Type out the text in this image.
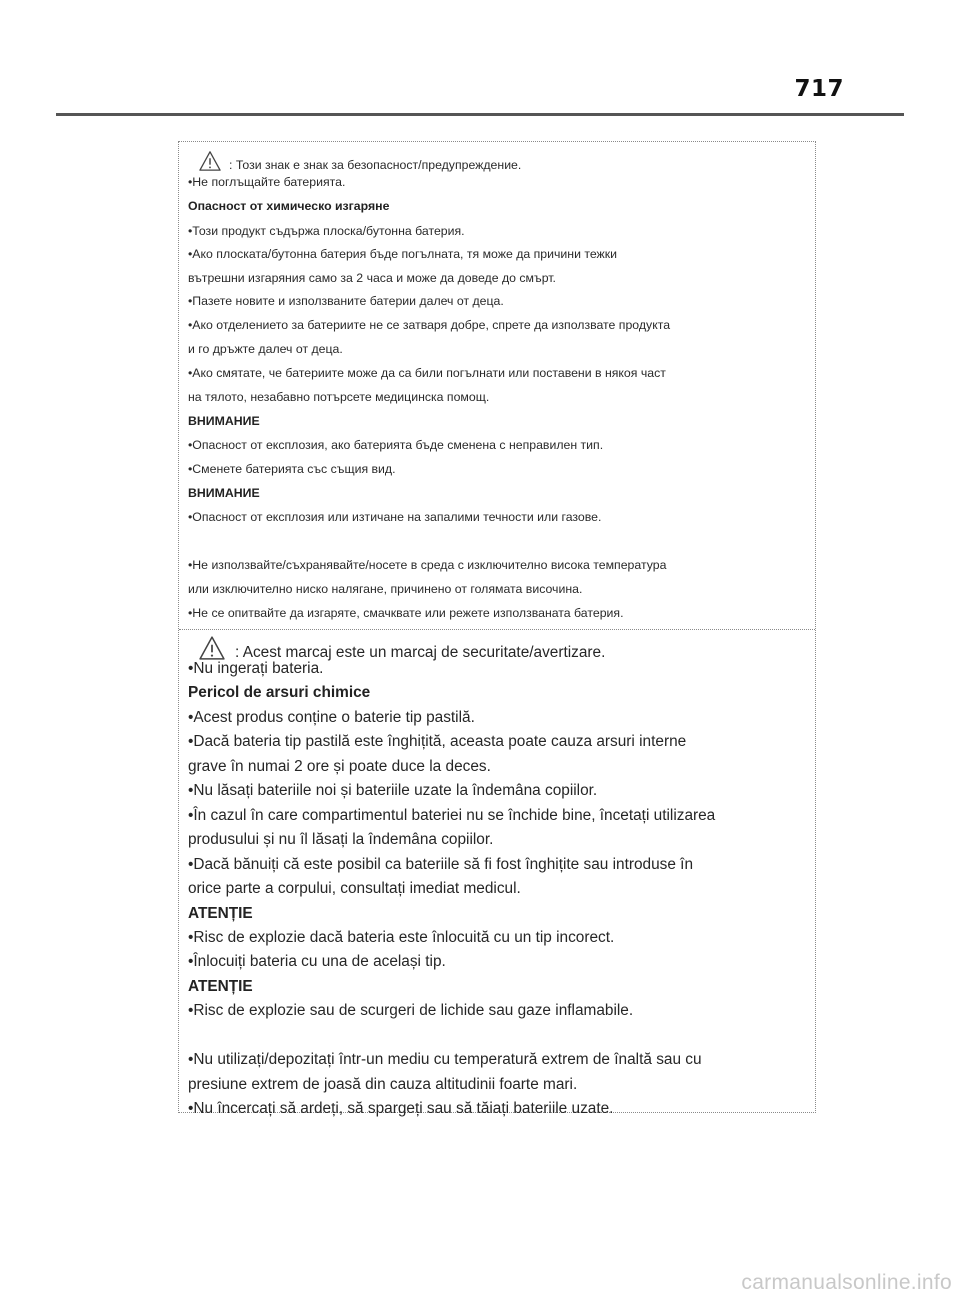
717
: Този знак е знак за безопасност/предупреждение.
•Не поглъщайте батерията.
Опасност от химическо изгаряне
•Този продукт съдържа плоска/бутонна батерия.
•Ако плоската/бутонна батерия бъде погълната, тя може да причини тежки
вътрешни изгаряния само за 2 часа и може да доведе до смърт.
•Пазете новите и използваните батерии далеч от деца.
•Ако отделението за батериите не се затваря добре, спрете да използвате продукта
и го дръжте далеч от деца.
•Ако смятате, че батериите може да са били погълнати или поставени в някоя част
на тялото, незабавно потърсете медицинска помощ.
ВНИМАНИЕ
•Опасност от експлозия, ако батерията бъде сменена с неправилен тип.
•Сменете батерията със същия вид.
ВНИМАНИЕ
•Опасност от експлозия или изтичане на запалими течности или газове.
•Не използвайте/съхранявайте/носете в среда с изключително висока температура
или изключително ниско налягане, причинено от голямата височина.
•Не се опитвайте да изгаряте, смачквате или режете използваната батерия.
: Acest marcaj este un marcaj de securitate/avertizare.
•Nu ingerați bateria.
Pericol de arsuri chimice
•Acest produs conține o baterie tip pastilă.
•Dacă bateria tip pastilă este înghițită, aceasta poate cauza arsuri interne
grave în numai 2 ore și poate duce la deces.
•Nu lăsați bateriile noi și bateriile uzate la îndemâna copiilor.
•În cazul în care compartimentul bateriei nu se închide bine, încetați utilizarea
produsului și nu îl lăsați la îndemâna copiilor.
•Dacă bănuiți că este posibil ca bateriile să fi fost înghițite sau introduse în
orice parte a corpului, consultați imediat medicul.
ATENȚIE
•Risc de explozie dacă bateria este înlocuită cu un tip incorect.
•Înlocuiți bateria cu una de același tip.
ATENȚIE
•Risc de explozie sau de scurgeri de lichide sau gaze inflamabile.
•Nu utilizați/depozitați într-un mediu cu temperatură extrem de înaltă sau cu
presiune extrem de joasă din cauza altitudinii foarte mari.
•Nu încercați să ardeți, să spargeți sau să tăiați bateriile uzate.
carmanualsonline.info
